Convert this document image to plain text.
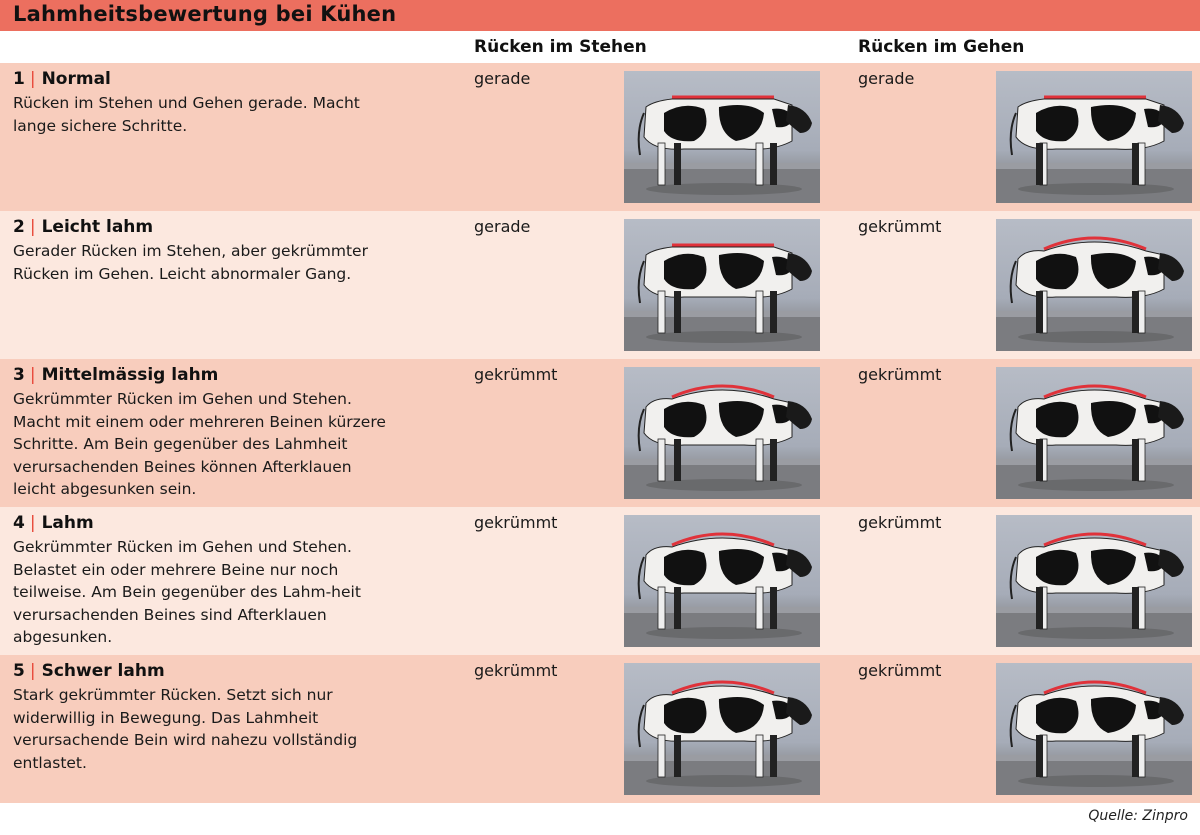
Lahmheitsbewertung bei Kühen
Rücken im Stehen	Rücken im Gehen
1 | Normal
Rücken im Stehen und Gehen gerade. Macht lange sichere Schritte.
gerade	gerade
2 | Leicht lahm
Gerader Rücken im Stehen, aber gekrümmter Rücken im Gehen. Leicht abnormaler Gang.
gerade	gekrümmt
3 | Mittelmässig lahm
Gekrümmter Rücken im Gehen und Stehen. Macht mit einem oder mehreren Beinen kürzere Schritte. Am Bein gegenüber des Lahmheit verursachenden Beines können Afterklauen leicht abgesunken sein.
gekrümmt	gekrümmt
4 | Lahm
Gekrümmter Rücken im Gehen und Stehen. Belastet ein oder mehrere Beine nur noch teilweise. Am Bein gegenüber des Lahm-heit verursachenden Beines sind Afterklauen abgesunken.
gekrümmt	gekrümmt
5 | Schwer lahm
Stark gekrümmter Rücken. Setzt sich nur widerwillig in Bewegung. Das Lahmheit verursachende Bein wird nahezu vollständig entlastet.
gekrümmt	gekrümmt
Quelle: Zinpro
